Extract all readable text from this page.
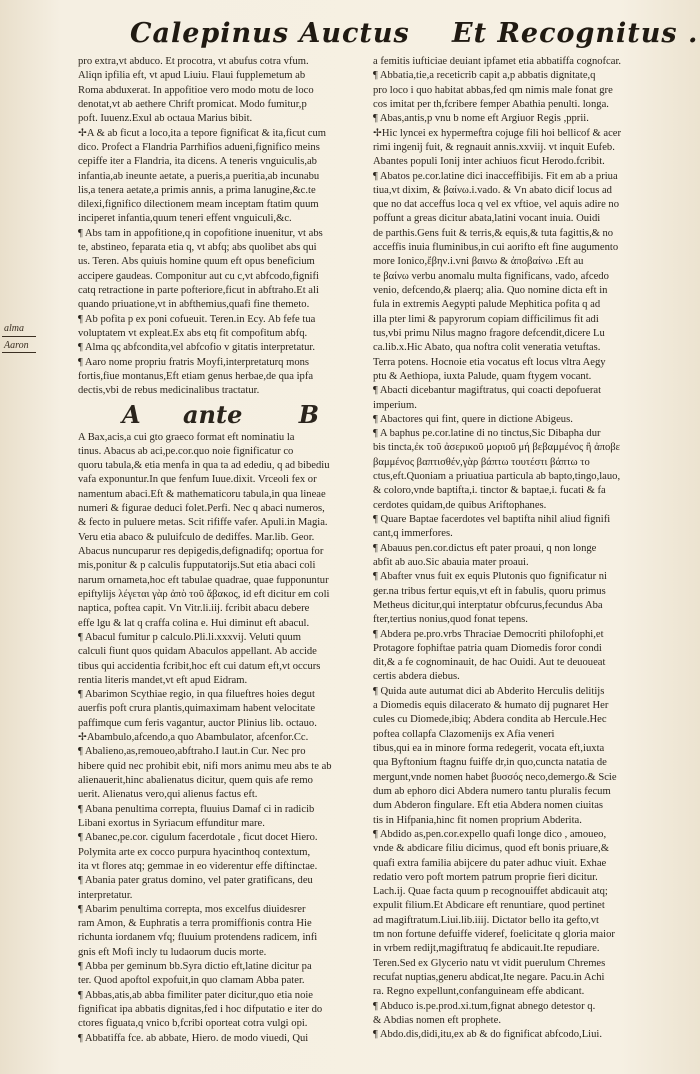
Calepinus Auctus Et Recognitus .
alma
Aaron
pro extra,vt abduco. Et procotra, vt abufus cotra vfum.
Aliqn ipfilia eft, vt apud Liuiu. Flaui fupplemetum ab
Roma abduxerat. In appofitioe vero modo motu de loco
denotat,vt ab aethere Chrift promicat. Modo fumitur,p
poft. Iuuenz.Exul ab octaua Marius bibit.
✢A & ab ficut a loco,ita a tepore fignificat & ita,ficut cum
dico. Profect a Flandria Parrhifios adueni,fignifico meins
cepiffe iter a Flandria, ita dicens. A teneris vnguiculis,ab
infantia,ab ineunte aetate, a pueris,a pueritia,ab incunabu
lis,a tenera aetate,a primis annis, a prima lanugine,&c.te
dilexi,fignifico dilectionem meam inceptam ftatim quum
inciperet infantia,quum teneri effent vnguiculi,&c.
¶ Abs tam in appofitione,q in copofitione inuenitur, vt abs
te, abstineo, feparata etia q, vt abfq; abs quolibet abs qui
us. Teren. Abs quiuis homine quum eft opus beneficium
accipere gaudeas. Componitur aut cu c,vt abfcodo,fignifi
catq retractione in parte pofteriore,ficut in abftraho.Et ali
quando priuatione,vt in abfthemius,quafi fine themeto.
¶ Ab pofita p ex poni cofueuit. Teren.in Ecy. Ab fefe tua
voluptatem vt expleat.Ex abs etq fit compofitum abfq.
¶ Alma qς abfcondita,vel abfcofio v gitatis interpretatur.
¶ Aaro nome propriu fratris Moyfi,interpretaturq mons
fortis,fiue montanus,Eft etiam genus herbae,de qua ipfa
dectis,vbi de rebus medicinalibus tractatur.
A ante B
A Bax,acis,a cui gto graeco format eft nominatiu la
tinus. Abacus ab aci,pe.cor.quo noie fignificatur co
quoru tabula,& etia menfa in qua ta ad edediu, q ad bibediu
vafa exponuntur.In que fenfum Iuue.dixit. Vrceoli fex or
namentum abaci.Eft & mathematicoru tabula,in qua lineae
numeri & figurae deduci folet.Perfi. Nec q abaci numeros,
& fecto in puluere metas. Scit rififfe vafer. Apuli.in Magia.
Veru etia abaco & puluifculo de dediffes. Mar.lib. Geor.
Abacus nuncuparur res depigedis,defignadifq; oportua for
mis,ponitur & p calculis fupputatorijs.Sut etia abaci coli
narum ornameta,hoc eft tabulae quadrae, quae fupponuntur
epiftylijs λέγεται γὰρ ἀπὸ τοῦ ἄβακος, id eft dicitur em coli
naptica, poftea capit. Vn Vitr.li.iij. fcribit abacu debere
effe lgu & lat q craffa colina e. Hui diminut eft abacul.
¶ Abacul fumitur p calculo.Pli.li.xxxvij. Veluti quum
calculi fiunt quos quidam Abaculos appellant. Ab accide
tibus qui accidentia fcribit,hoc eft cui datum eft,vt occurs
rentia literis mandet,vt eft apud Eidram.
¶ Abarimon Scythiae regio, in qua filueftres hoies degut
auerfis poft crura plantis,quimaximam habent velocitate
paffimque cum feris vagantur, auctor Plinius lib. octauo.
✢Abambulo,afcendo,a quo Abambulator, afcenfor.Cc.
¶ Abalieno,as,remoueo,abftraho.I laut.in Cur. Nec pro
hibere quid nec prohibit ebit, nifi mors animu meu abs te ab
alienauerit,hinc abalienatus dicitur, quem quis afe remo
uerit. Alienatus vero,qui alienus factus eft.
¶ Abana penultima correpta, fluuius Damaf ci in radicib
Libani exortus in Syriacum effunditur mare.
¶ Abanec,pe.cor. cigulum facerdotale , ficut docet Hiero.
Polymita arte ex cocco purpura hyacinthoq contextum,
ita vt flores atq; gemmae in eo viderentur effe diftinctae.
¶ Abania pater gratus domino, vel pater gratificans, deu
interpretatur.
¶ Abarim penultima correpta, mos excelfus diuidesrer
ram Amon, & Euphratis a terra promiffionis contra Hie
richunta iordanem vfq; fluuium protendens radicem, infi
gnis eft Mofi incly tu ludaorum ducis morte.
¶ Abba per geminum bb.Syra dictio eft,latine dicitur pa
ter. Quod apoftol expofuit,in quo clamam Abba pater.
¶ Abbas,atis,ab abba fimiliter pater dicitur,quo etia noie
fignificat ipa abbatis dignitas,fed i hoc difputatio e iter do
ctores figuata,q vnico b,fcribi oporteat cotra vulgi opi.
¶ Abbatiffa fce. ab abbate, Hiero. de modo viuedi, Qui
a femitis iufticiae deuiant ipfamet etia abbatiffa cognofcar.
¶ Abbatia,tie,a receticrib capit a,p abbatis dignitate,q
pro loco i quo habitat abbas,fed qm nimis male fonat gre
cos imitat per th,fcribere femper Abathia penulti. longa.
¶ Abas,antis,p vnu b nome eft Argiuor Regis ,pprii.
✢Hic lyncei ex hypermeftra cojuge fili hoi bellicof & acer
rimi ingenij fuit, & regnauit annis.xxviij. vt inquit Eufeb.
Abantes populi Ionij inter achiuos ficut Herodo.fcribit.
¶ Abatos pe.cor.latine dici inacceffibijis. Fit em ab a priua
tiua,vt dixim, & βαίνω.i.vado. & Vn abato dicif locus ad
que no dat acceffus loca q vel ex vftioe, vel aquis adire no
poffunt a greas dicitur abata,latini vocant inuia. Ouidi
de parthis.Gens fuit & terris,& equis,& tuta fagittis,& no
acceffis inuia fluminibus,in cui aorifto eft fine augumento
more Ionico,ἔβην.i.vni βαινω & ἀποβαίνω .Eft au
te βαίνω verbu anomalu multa fignificans, vado, afcedo
venio, defcendo,& plaerq; alia. Quo nomine dicta eft in
fula in extremis Aegypti palude Mephitica pofita q ad
illa pter limi & papyrorum copiam difficilimus fit adi
tus,vbi primu Nilus magno fragore defcendit,dicere Lu
ca.lib.x.Hic Abato, qua noftra colit veneratia vetuftas.
Terra potens. Hocnoie etia vocatus eft locus vltra Aegy
ptu & Aethiopa, iuxta Palude, quam ftygem vocant.
¶ Abacti dicebantur magiftratus, qui coacti depofuerat
imperium.
¶ Abactores qui fint, quere in dictione Abigeus.
¶ A baphus pe.cor.latine di no tinctus,Sic Dibapha dur
bis tincta,ἐκ τοῦ ἀσερικοῦ μοριοῦ μή βεβαμμένος ἢ ἀποβε
βαμμένος βαπτισθέν,γὰρ βάπτω τουτέστι βάπτω το
ctus,eft.Quoniam a priuatiua particula ab bapto,tingo,lauo,
& coloro,vnde baptifta,i. tinctor & baptae,i. fucati & fa
cerdotes quidam,de quibus Ariftophanes.
¶ Quare Baptae facerdotes vel baptifta nihil aliud fignifi
cant,q immerfores.
¶ Abauus pen.cor.dictus eft pater proaui, q non longe
abfit ab auo.Sic abauia mater proaui.
¶ Abafter vnus fuit ex equis Plutonis quo fignificatur ni
ger.na tribus fertur equis,vt eft in fabulis, quoru primus
Metheus dicitur,qui interptatur obfcurus,fecundus Aba
fter,tertius nonius,quod fonat tepens.
¶ Abdera pe.pro.vrbs Thraciae Democriti philofophi,et
Protagore fophiftae patria quam Diomedis foror condi
dit,& a fe cognominauit, de hac Ouidi. Aut te deuoueat
certis abdera diebus.
¶ Quida aute autumat dici ab Abderito Herculis delitijs
a Diomedis equis dilacerato & humato dij pugnaret Her
cules cu Diomede,ibiq; Abdera condita ab Hercule.Hec
poftea collapfa Clazomenijs ex Afia veneri
tibus,qui ea in minore forma redegerit, vocata eft,iuxta
qua Byftonium ftagnu fuiffe dr,in quo,cuncta natatia de
mergunt,vnde nomen habet βυσσός neco,demergo.& Scie
dum ab ephoro dici Abdera numero tantu pluralis fecum
dum Abderon fingulare. Eft etia Abdera nomen ciuitas
tis in Hifpania,hinc fit nomen proprium Abderita.
¶ Abdido as,pen.cor.expello quafi longe dico , amoueo,
vnde & abdicare filiu dicimus, quod eft bonis priuare,&
quafi extra familia abijcere du pater adhuc viuit. Exhae
redatio vero poft mortem patrum proprie fieri dicitur.
Lach.ij. Quae facta quum p recognouiffet abdicauit atq;
expulit filium.Et Abdicare eft renuntiare, quod pertinet
ad magiftratum.Liui.lib.iiij. Dictator bello ita gefto,vt
tm non fortune defuiffe videref, foelicitate q gloria maior
in vrbem redijt,magiftratuq fe abdicauit.Ite repudiare.
Teren.Sed ex Glycerio natu vt vidit puerulum Chremes
recufat nuptias,generu abdicat,Ite negare. Pacu.in Achi
ra. Regno expellunt,confanguineam effe abdicant.
¶ Abduco is.pe.prod.xi.tum,fignat abnego detestor q.
& Abdias nomen eft prophete.
¶ Abdo.dis,didi,itu,ex ab & do fignificat abfcodo,Liui.
